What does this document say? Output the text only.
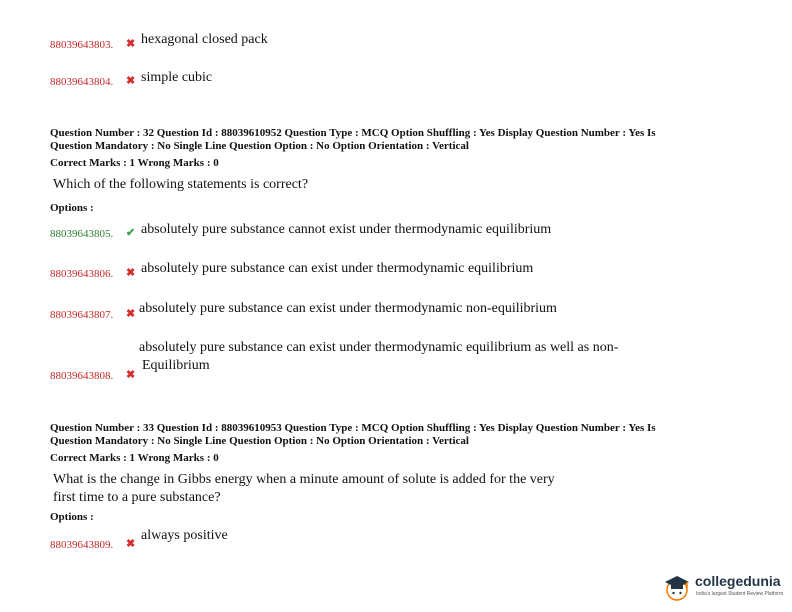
88039643803. ✖ hexagonal closed pack
88039643804. ✖ simple cubic
Question Number : 32 Question Id : 88039610952 Question Type : MCQ Option Shuffling : Yes Display Question Number : Yes Is
Question Mandatory : No Single Line Question Option : No Option Orientation : Vertical
Correct Marks : 1 Wrong Marks : 0
Which of the following statements is correct?
Options :
88039643805. ✔ absolutely pure substance cannot exist under thermodynamic equilibrium
88039643806. ✖ absolutely pure substance can exist under thermodynamic equilibrium
88039643807. ✖ absolutely pure substance can exist under thermodynamic non-equilibrium
absolutely pure substance can exist under thermodynamic equilibrium as well as non-
Equilibrium
88039643808. ✖
Question Number : 33 Question Id : 88039610953 Question Type : MCQ Option Shuffling : Yes Display Question Number : Yes Is
Question Mandatory : No Single Line Question Option : No Option Orientation : Vertical
Correct Marks : 1 Wrong Marks : 0
What is the change in Gibbs energy when a minute amount of solute is added for the very
first time to a pure substance?
Options :
88039643809. ✖
always positive
collegedunia
India's largest Student Review Platform
